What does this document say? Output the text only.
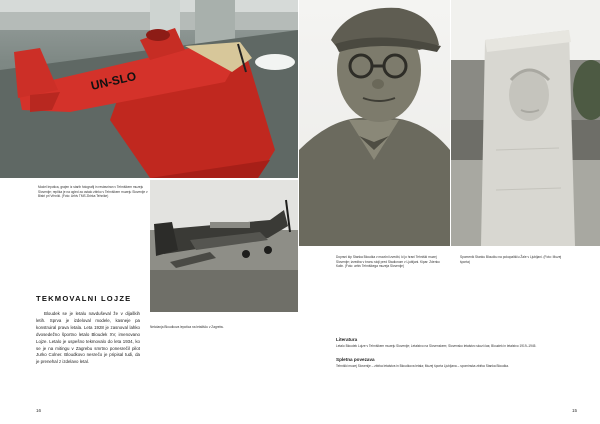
UN-SLO
Model lepotica, grajen iz starih fotografij in restavriran v Tehniškem muzeju Slovenije; replika je na ogled za ostalo zbirko v Tehniškem muzeju Slovenije v Bistri pri Vrhniki. (Foto: Arhiv TMS Zbirka Tehnike)
Doprsni kip Stanka Bloudka v mavčni izvedbi, ki jo hrani Tehniški muzej Slovenije; izvedba v bronu stoji pred Stadionom v Ljubljani. Kipar: Zdenko Kalin. (Foto: arhiv Tehniškega muzeja Slovenije)
Spomenik Stanku Bloudku na pokopališču Žale v Ljubljani. (Foto: Muzej športa)
Nekdanja Bloudkova lepotica na letališču v Zagrebu.
TEKMOVALNI LOJZE

Bloudek se je letalu navduševal že v dijaških letih. Sprva je izdeloval modele, kasneje pa konstruiral prava letala. Leta 1928 je zasnoval lahko dvosedežno športno letalo Bloudek XV, imenovano Lojze. Letalo je uspešno tekmovalo do leta 1934, ko se je na mitingu v Zagrebu smrtno ponesrečil pilot Jurko Colner. Bloudkovo nesrečo je pripisal tudi, da je prenehal z izdelavo letal.

Literatura
Letalo Bloudek Lojze v Tehniškem muzeju Slovenije; Letalstvo na Slovenskem; Slovensko letalstvo skozi čas; Bloudek in letalstvo 1919–1945.
Spletna povezava
Tehniški muzej Slovenije – zbirka letalstva in Bloudkova letala; Muzej športa Ljubljana – spominska zbirka Stanka Bloudka.
16	15
